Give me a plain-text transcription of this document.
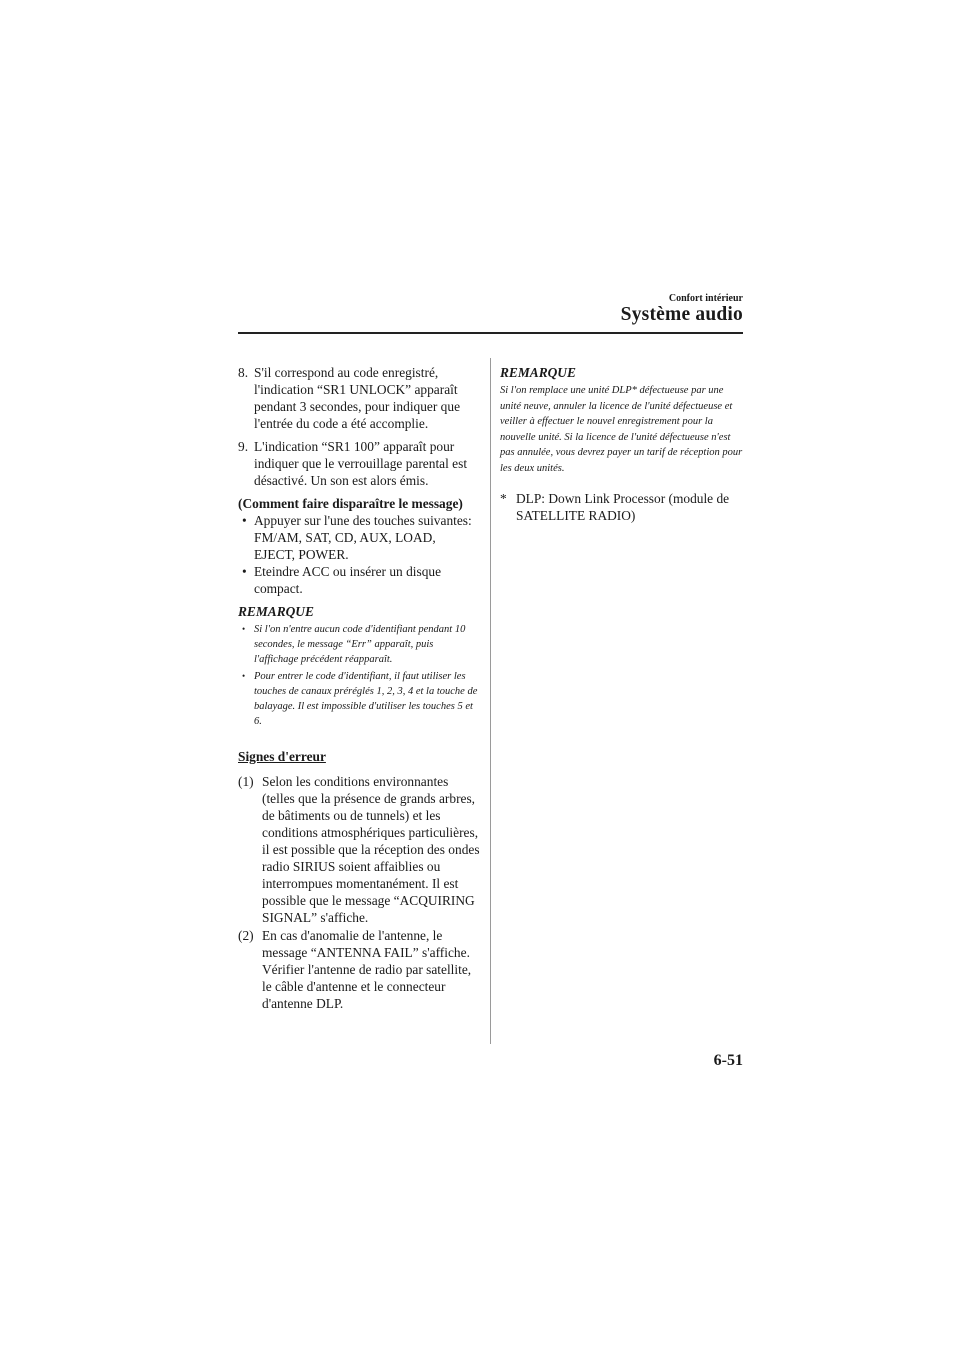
Confort intérieur
Système audio
8. S'il correspond au code enregistré, l'indication “SR1 UNLOCK” apparaît pendant 3 secondes, pour indiquer que l'entrée du code a été accomplie.
9. L'indication “SR1 100” apparaît pour indiquer que le verrouillage parental est désactivé. Un son est alors émis.
(Comment faire disparaître le message)
• Appuyer sur l'une des touches suivantes: FM/AM, SAT, CD, AUX, LOAD, EJECT, POWER.
• Eteindre ACC ou insérer un disque compact.
REMARQUE
• Si l'on n'entre aucun code d'identifiant pendant 10 secondes, le message “Err” apparaît, puis l'affichage précédent réapparaît.
• Pour entrer le code d'identifiant, il faut utiliser les touches de canaux préréglés 1, 2, 3, 4 et la touche de balayage. Il est impossible d'utiliser les touches 5 et 6.
Signes d'erreur
(1) Selon les conditions environnantes (telles que la présence de grands arbres, de bâtiments ou de tunnels) et les conditions atmosphériques particulières, il est possible que la réception des ondes radio SIRIUS soient affaiblies ou interrompues momentanément. Il est possible que le message “ACQUIRING SIGNAL” s'affiche.
(2) En cas d'anomalie de l'antenne, le message “ANTENNA FAIL” s'affiche. Vérifier l'antenne de radio par satellite, le câble d'antenne et le connecteur d'antenne DLP.
REMARQUE
Si l'on remplace une unité DLP* défectueuse par une unité neuve, annuler la licence de l'unité défectueuse et veiller à effectuer le nouvel enregistrement pour la nouvelle unité. Si la licence de l'unité défectueuse n'est pas annulée, vous devrez payer un tarif de réception pour les deux unités.
* DLP: Down Link Processor (module de SATELLITE RADIO)
6-51
